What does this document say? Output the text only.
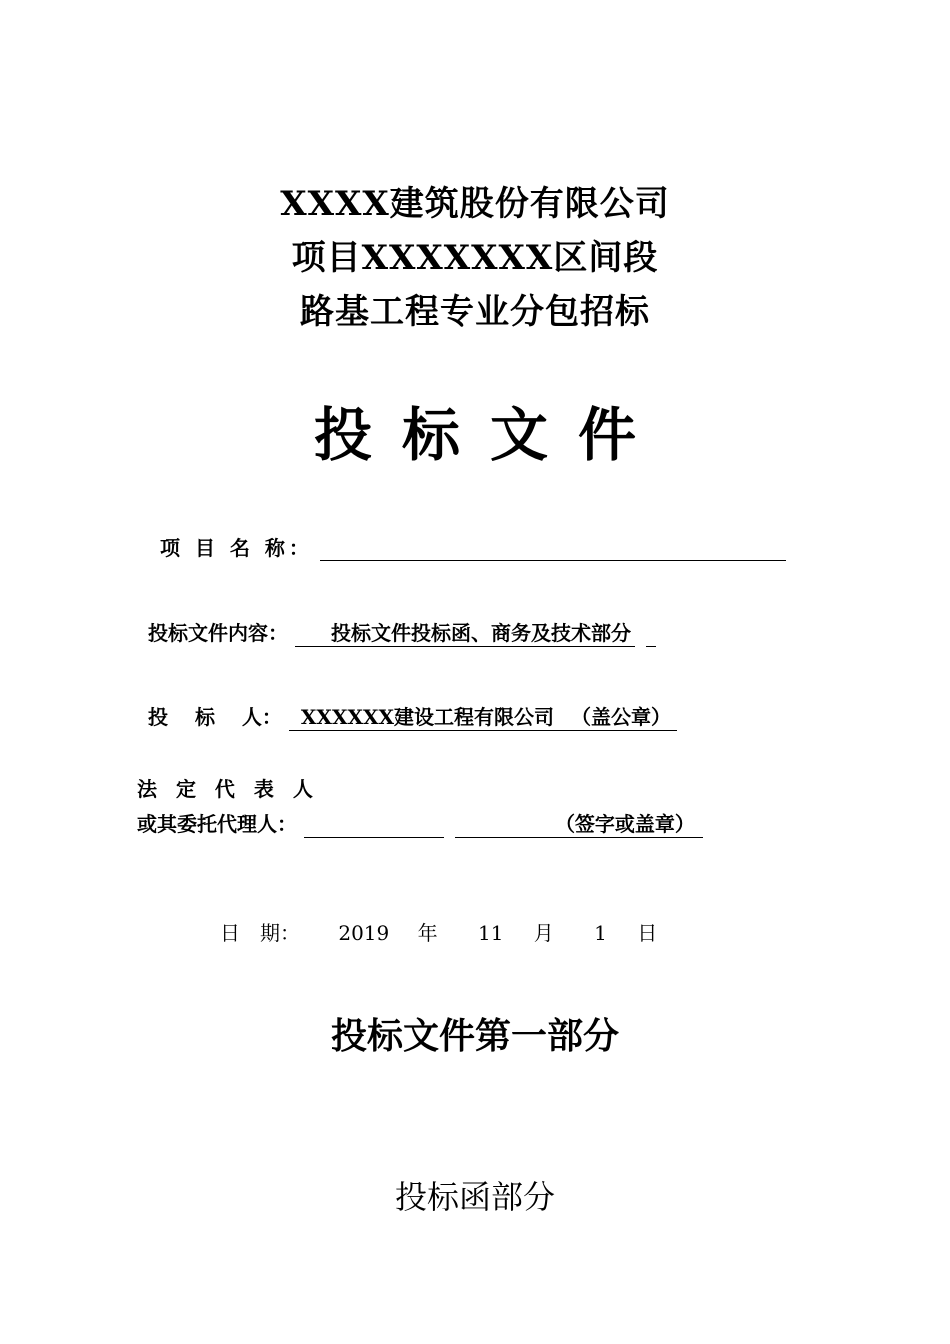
XXXX建筑股份有限公司
项目XXXXXXX区间段
路基工程专业分包招标
投标文件
项 目 名 称：
投标文件内容： 投标文件投标函、商务及技术部分
投　 标　 人： XXXXXX建设工程有限公司 （盖公章）
法 定 代 表 人
或其委托代理人：	（签字或盖章）
日　期： 2019 年 11 月 1 日
投标文件第一部分
投标函部分
